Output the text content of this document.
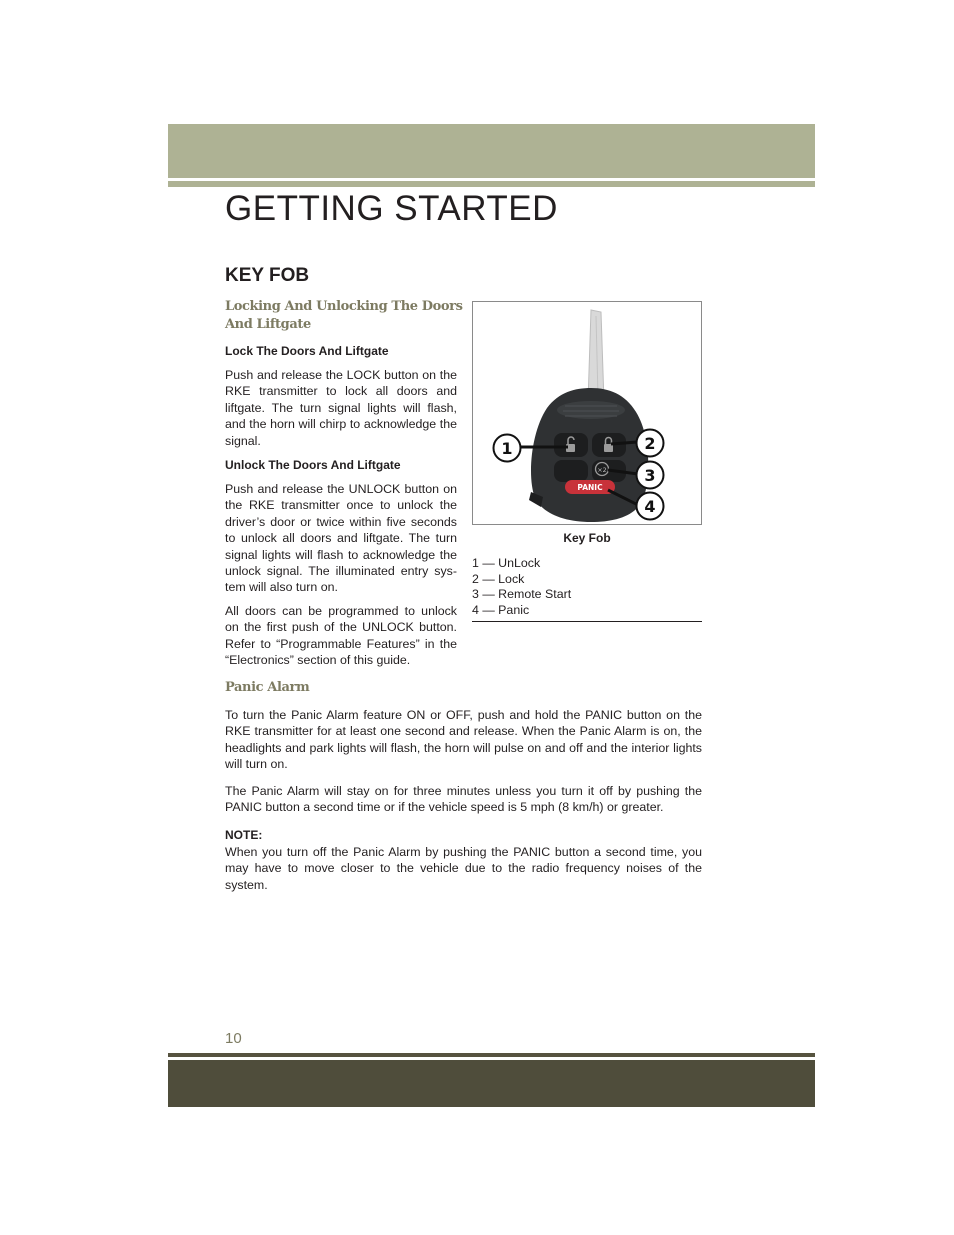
GETTING STARTED
KEY FOB

Locking And Unlocking The Doors
And Liftgate

Lock The Doors And Liftgate

Push and release the LOCK button on the RKE transmitter to lock all doors and liftgate. The turn signal lights will flash, and the horn will chirp to acknowledge the signal.

Unlock The Doors And Liftgate

Push and release the UNLOCK button on the RKE transmitter once to unlock the driver’s door or twice within five seconds to unlock all doors and liftgate. The turn signal lights will flash to acknowledge the unlock signal. The illuminated entry system will also turn on.

All doors can be programmed to unlock on the first push of the UNLOCK button. Refer to “Programmable Features” in the “Electronics” section of this guide.

Panic Alarm

To turn the Panic Alarm feature ON or OFF, push and hold the PANIC button on the RKE transmitter for at least one second and release. When the Panic Alarm is on, the headlights and park lights will flash, the horn will pulse on and off and the interior lights will turn on.

The Panic Alarm will stay on for three minutes unless you turn it off by pushing the PANIC button a second time or if the vehicle speed is 5 mph (8 km/h) or greater.

NOTE:

When you turn off the Panic Alarm by pushing the PANIC button a second time, you may have to move closer to the vehicle due to the radio frequency noises of the system.

PANIC
×2
1	2
3
4

Key Fob

1 — UnLock
2 — Lock
3 — Remote Start
4 — Panic
10
